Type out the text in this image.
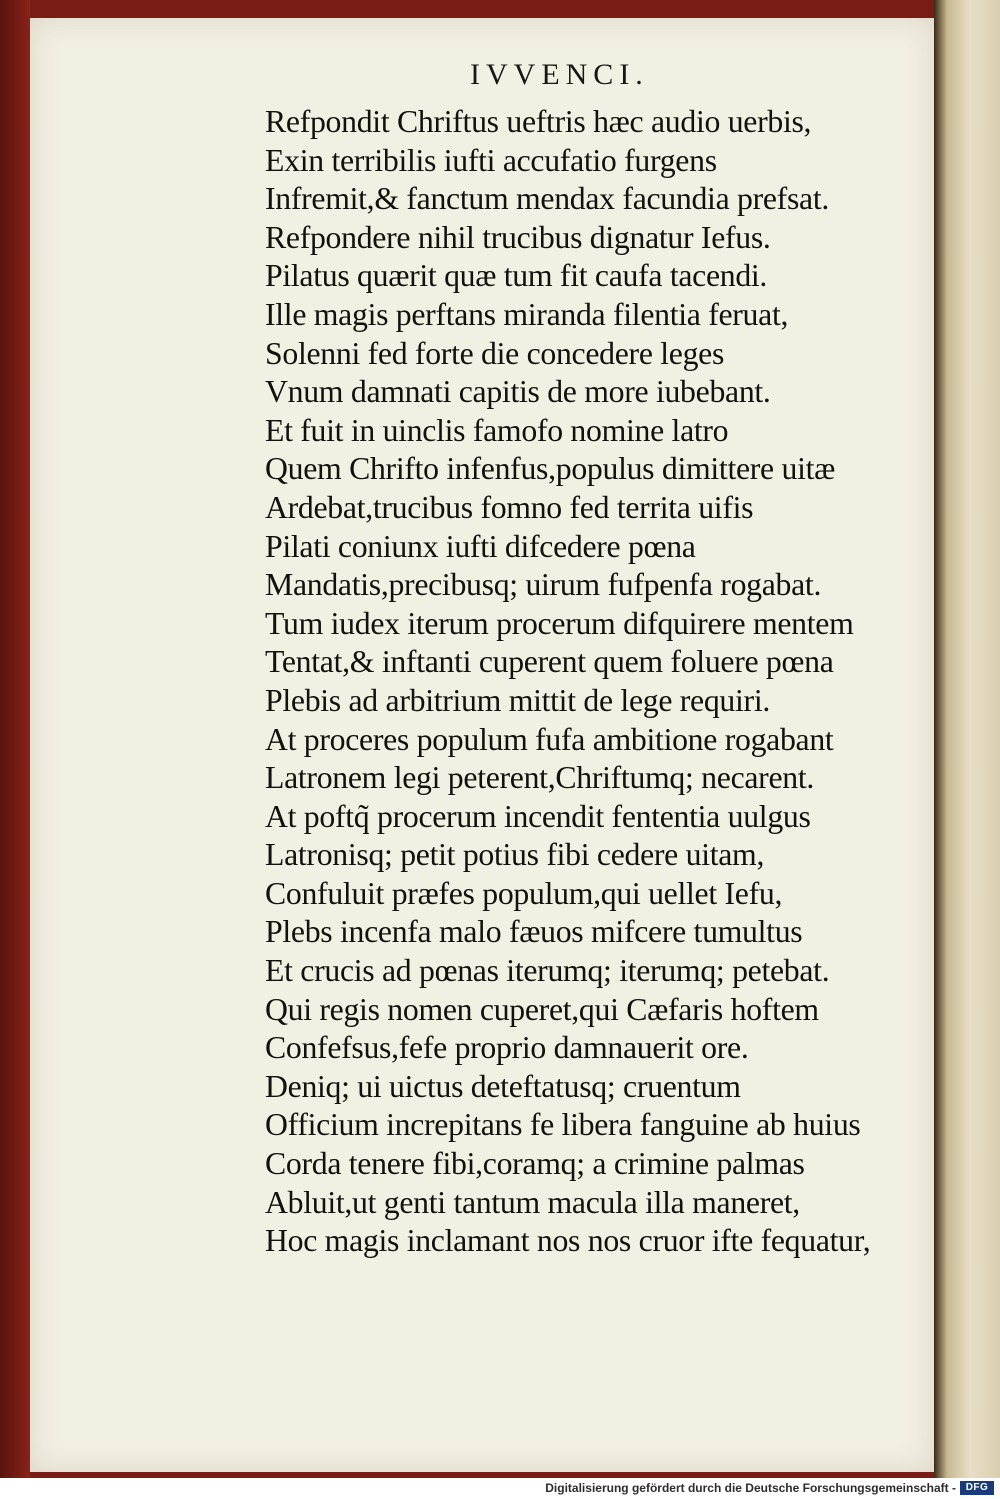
IVVENCI.
Refpondit Chriftus ueftris hæc audio uerbis,
Exin terribilis iufti accufatio furgens
Infremit,& fanctum mendax facundia prefsat.
Refpondere nihil trucibus dignatur Iefus.
Pilatus quærit quæ tum fit caufa tacendi.
Ille magis perftans miranda filentia feruat,
Solenni fed forte die concedere leges
Vnum damnati capitis de more iubebant.
Et fuit in uinclis famofo nomine latro
Quem Chrifto infenfus,populus dimittere uitæ
Ardebat,trucibus fomno fed territa uifis
Pilati coniunx iufti difcedere pœna
Mandatis,precibusq; uirum fufpenfa rogabat.
Tum iudex iterum procerum difquirere mentem
Tentat,& inftanti cuperent quem foluere pœna
Plebis ad arbitrium mittit de lege requiri.
At proceres populum fufa ambitione rogabant
Latronem legi peterent,Chriftumq; necarent.
At poftq̃ procerum incendit fententia uulgus
Latronisq; petit potius fibi cedere uitam,
Confuluit præfes populum,qui uellet Iefu,
Plebs incenfa malo fæuos mifcere tumultus
Et crucis ad pœnas iterumq; iterumq; petebat.
Qui regis nomen cuperet,qui Cæfaris hoftem
Confefsus,fefe proprio damnauerit ore.
Deniq; ui uictus deteftatusq; cruentum
Officium increpitans fe libera fanguine ab huius
Corda tenere fibi,coramq; a crimine palmas
Abluit,ut genti tantum macula illa maneret,
Hoc magis inclamant nos nos cruor ifte fequatur,
Digitalisierung gefördert durch die Deutsche Forschungsgemeinschaft - DFG
